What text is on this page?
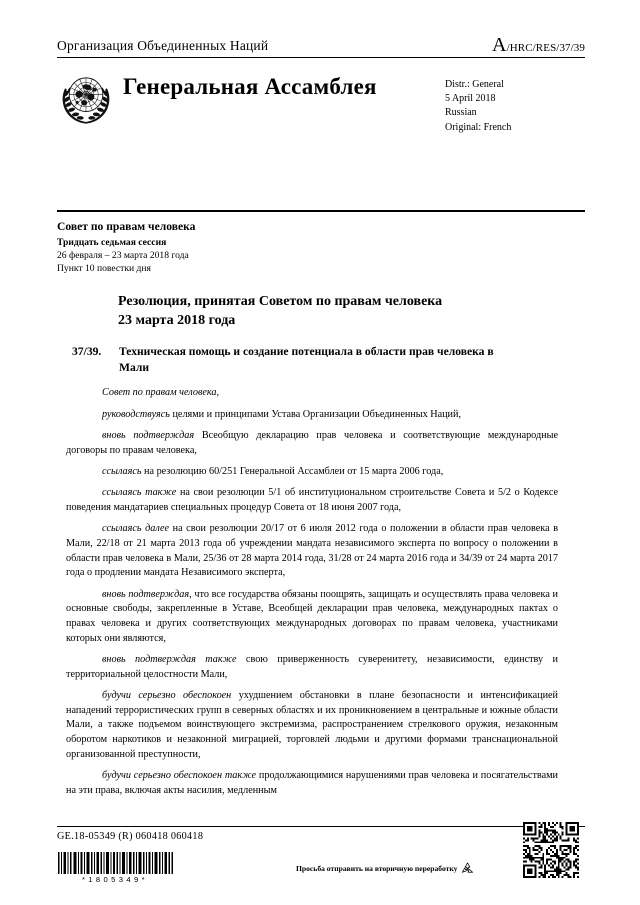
Организация Объединенных Наций	A /HRC/RES/37/39
Генеральная Ассамблея	Distr.: General
5 April 2018
Russian
Original: French
Совет по правам человека
Тридцать седьмая сессия
26 февраля – 23 марта 2018 года
Пункт 10 повестки дня
Резолюция, принятая Советом по правам человека
23 марта 2018 года
37/39.	Техническая помощь и создание потенциала в области прав человека в Мали
Совет по правам человека,
руководствуясь целями и принципами Устава Организации Объединенных Наций,
вновь подтверждая Всеобщую декларацию прав человека и соответствующие международные договоры по правам человека,
ссылаясь на резолюцию 60/251 Генеральной Ассамблеи от 15 марта 2006 года,
ссылаясь также на свои резолюции 5/1 об институциональном строительстве Совета и 5/2 о Кодексе поведения мандатариев специальных процедур Совета от 18 июня 2007 года,
ссылаясь далее на свои резолюции 20/17 от 6 июля 2012 года о положении в области прав человека в Мали, 22/18 от 21 марта 2013 года об учреждении мандата независимого эксперта по вопросу о положении в области прав человека в Мали, 25/36 от 28 марта 2014 года, 31/28 от 24 марта 2016 года и 34/39 от 24 марта 2017 года о продлении мандата Независимого эксперта,
вновь подтверждая, что все государства обязаны поощрять, защищать и осуществлять права человека и основные свободы, закрепленные в Уставе, Всеобщей декларации прав человека, международных пактах о правах человека и других соответствующих международных договорах по правам человека, участниками которых они являются,
вновь подтверждая также свою приверженность суверенитету, независимости, единству и территориальной целостности Мали,
будучи серьезно обеспокоен ухудшением обстановки в плане безопасности и интенсификацией нападений террористических групп в северных областях и их проникновением в центральные и южные области Мали, а также подъемом воинствующего экстремизма, распространением стрелкового оружия, незаконным оборотом наркотиков и незаконной миграцией, торговлей людьми и другими формами транснациональной организованной преступности,
будучи серьезно обеспокоен также продолжающимися нарушениями прав человека и посягательствами на эти права, включая акты насилия, медленным
GE.18-05349 (R) 060418 060418
*1805349*
Просьба отправить на вторичную переработку
